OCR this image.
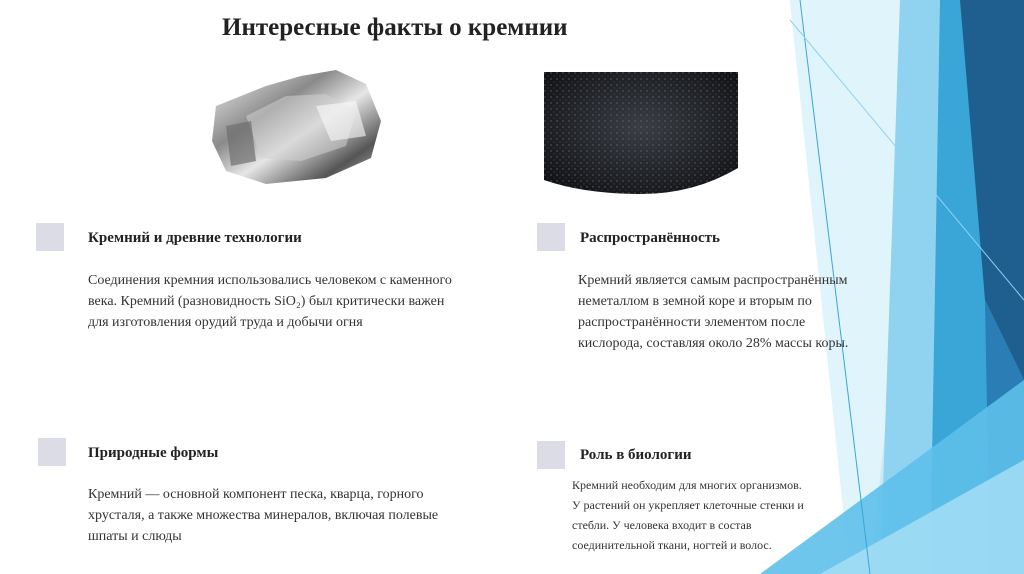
Интересные факты о кремнии
Кремний и древние технологии
Соединения кремния использовались человеком с каменного
века. Кремний (разновидность SiO₂) был критически важен
для изготовления орудий труда и добычи огня
Распространённость
Кремний является самым распространённым
неметаллом в земной коре и вторым по
распространённости элементом после
кислорода, составляя около 28% массы коры.
Природные формы
Кремний — основной компонент песка, кварца, горного
хрусталя, а также множества минералов, включая полевые
шпаты и слюды
Роль в биологии
Кремний необходим для многих организмов.
У растений он укрепляет клеточные стенки и
стебли. У человека входит в состав
соединительной ткани, ногтей и волос.
